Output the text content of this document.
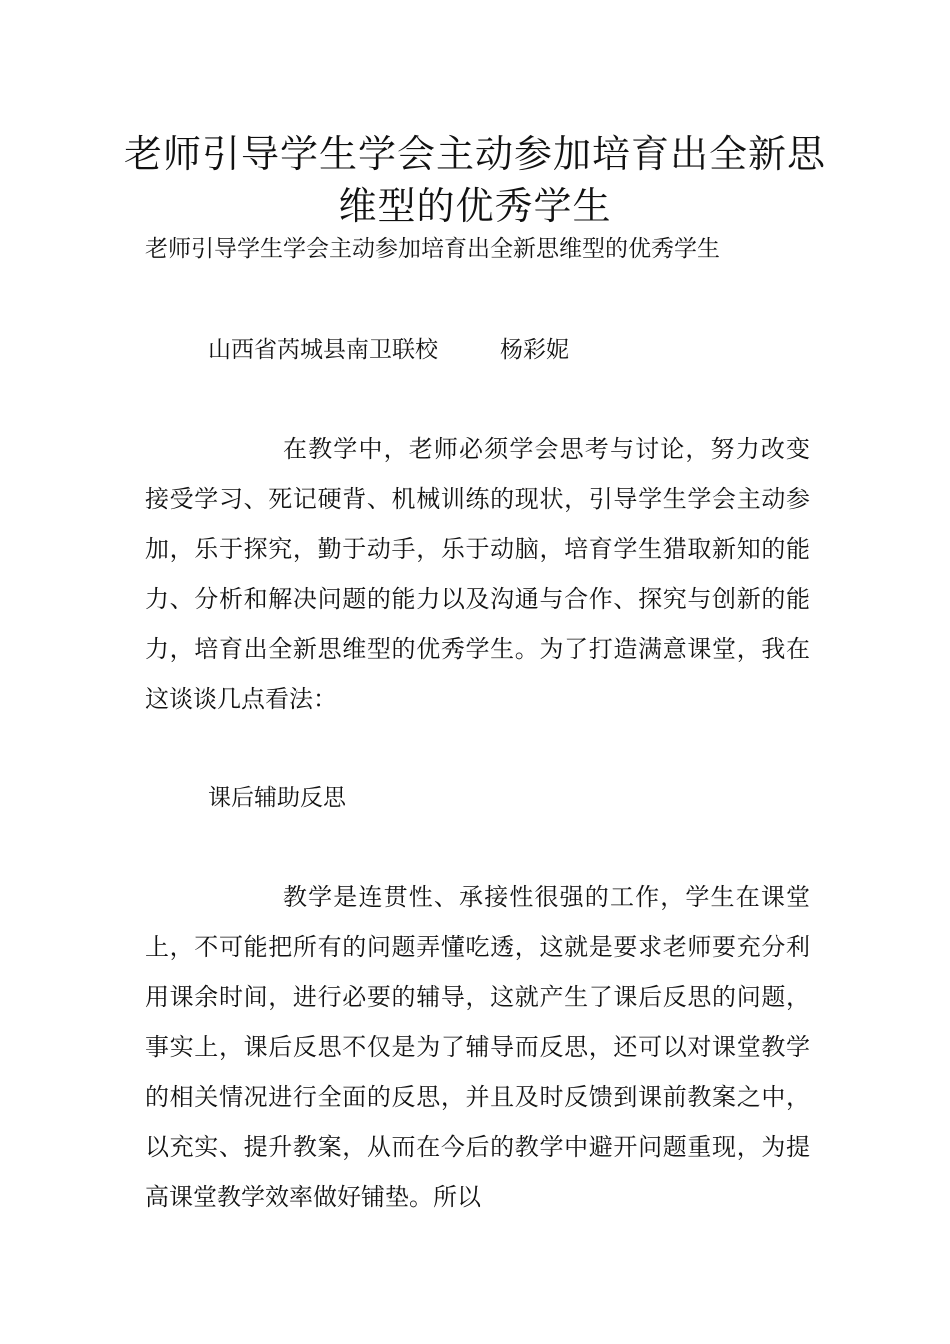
老师引导学生学会主动参加培育出全新思维型的优秀学生

老师引导学生学会主动参加培育出全新思维型的优秀学生

山西省芮城县南卫联校	杨彩妮

在教学中，老师必须学会思考与讨论，努力改变接受学习、死记硬背、机械训练的现状，引导学生学会主动参加，乐于探究，勤于动手，乐于动脑，培育学生猎取新知的能力、分析和解决问题的能力以及沟通与合作、探究与创新的能力，培育出全新思维型的优秀学生。为了打造满意课堂，我在这谈谈几点看法：

课后辅助反思

教学是连贯性、承接性很强的工作，学生在课堂上，不可能把所有的问题弄懂吃透，这就是要求老师要充分利用课余时间，进行必要的辅导，这就产生了课后反思的问题，事实上，课后反思不仅是为了辅导而反思，还可以对课堂教学的相关情况进行全面的反思，并且及时反馈到课前教案之中，以充实、提升教案，从而在今后的教学中避开问题重现，为提高课堂教学效率做好铺垫。所以
